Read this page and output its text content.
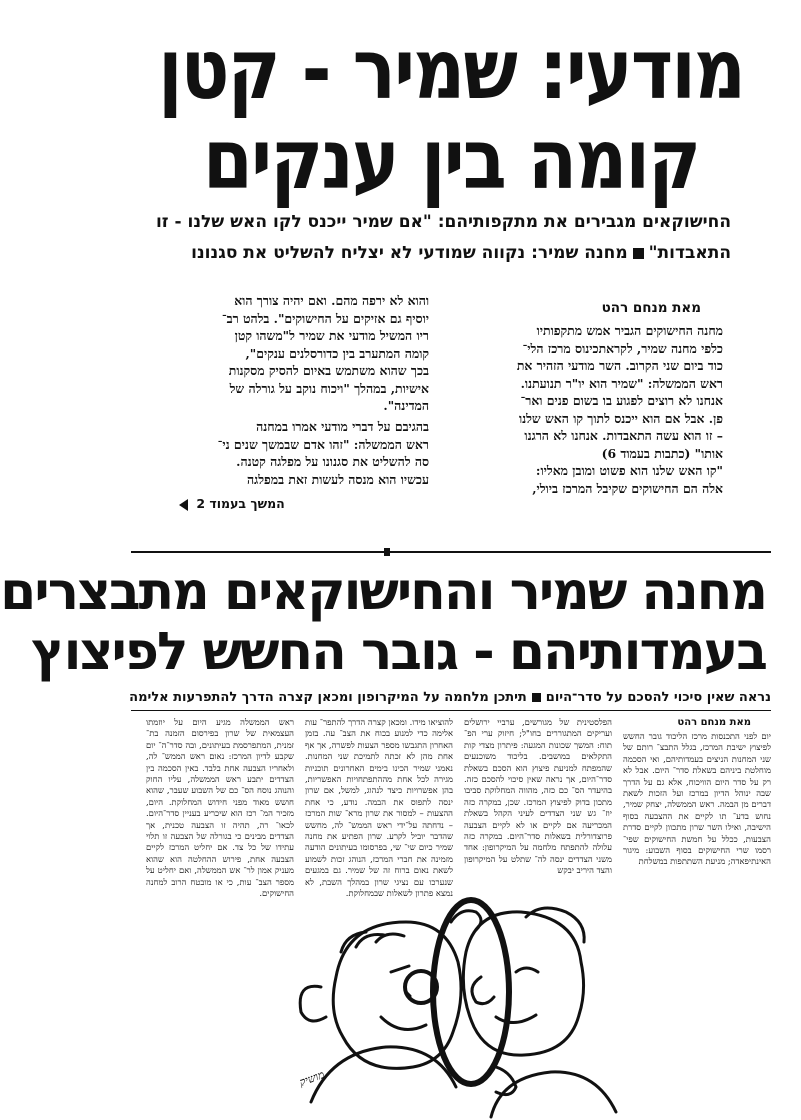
מודעי: שמיר - קטן
קומה בין ענקים
החישוקאים מגבירים את מתקפותיהם: "אם שמיר ייכנס לקו האש שלנו - זו
התאבדות"מחנה שמיר: נקווה שמודעי לא יצליח להשליט את סגנונו
מאת מנחם רהט
מחנה החישוקים הגביר אמש מתקפותיו
כלפי מחנה שמיר, לקראתכינוס מרכז הלי־
כוד ביום שני הקרוב. השר מודעי הזהיר את
ראש הממשלה: "שמיר הוא יו"ר תנועתנו.
אנחנו לא רוצים לפגוע בו בשום פנים ואר־
פן. אבל אם הוא ייכנס לתוך קו האש שלנו
– זו הוא עשה התאבדות. אנחנו לא הרגנו
אותו" (כתבות בעמוד 6)
"קו האש שלנו הוא פשוט ומובן מאליו:
אלה הם החישוקים שקיבל המרכז ביולי,
והוא לא ירפה מהם. ואם יהיה צורך הוא
יוסיף גם אזיקים על החישוקים". בלהט רב־
ריו המשיל מודעי את שמיר ל"משהו קטן
קומה המתערב בין כדורסלנים ענקים",
בכך שהוא משתמש באיום להסיק מסקנות
אישיות, במהלך "ויכוח נוקב על גורלה של
המדינה".
בהגיבם על דברי מודעי אמרו במחנה
ראש הממשלה: "זהו אדם שבמשך שנים ני־
סה להשליט את סגנונו על מפלגה קטנה.
עכשיו הוא מנסה לעשות זאת במפלגה
המשך בעמוד 2
מחנה שמיר והחישוקאים מתבצרים
בעמדותיהם - גובר החשש לפיצוץ
נראה שאין סיכוי להסכם על סדר־היוםתיתכן מלחמה על המיקרופון ומכאן קצרה הדרך להתפרעות אלימה
מאת מנחם רהט
יום לפני התכנסות מרכז הליכוד גובר החשש לפיצוץ ישיבת המרכז, בגלל התבצ־ רותם של שני המחנות הניצים בעמדותיהם, ואי הסכמה מוחלטת ביניהם בשאלת סדר־ היום. אבל לא רק על סדר היום הוויכוח, אלא גם על הדרך שבה ינוהל הדיון במרכז ועל הזכות לשאת דברים מן הבמה. ראש הממשלה, יצחק שמיר, נחוש בדע־ תו לקיים את ההצבעה בסוף הישיבה, ואילו השר שרון מתכוון לקיים סדרת הצבעות, ככלל על חמשת החישוקים שפי־ רסמו שרי החישוקים בסוף השבוע: מיגור האינתיפאדה; מניעת השתתפות במשלחת
הפלסטינית של מגורשים, ערביי ירושלים ועריקים המתגוררים בחו"ל; חיזוק ערי הפ־ תוח: המשך שכונות המגעה: פיתרון מצדי קות התקלאים במושבים. בליכוד משוכנעים שהמפתח למניעת פיצוץ הוא הסכם בשאלת סדר־היום, אך נראה שאין סיכוי להסכם כזה. בהיעדר הס־ כם כזה, מהווה המחלוקת סביבו מתכון בדוק לפיצוץ המרכז. שכן, במקרה כזה יוז־ גש שני הצדדים לעיני הקהל בשאלת המכריעה אם לקיים או לא לקיים הצבעה פרוצדורלית בשאלות סדר־היום. במקרה כזה עלולה להתפתח מלחמה על המיקרופון: אחד משני הצדדים ינסה לה־ שתלט על המיקרופון והצד היריב יבקש
להוציאו מידו. ומכאן קצרה הדרך להתפר־ עות אלימה כדי למנוע בכוח את הצב־ עה. בזמן האחרון התגבשו מספר הצעות לפשרה, אך אף אחת מהן לא זכתה לתמיכת שני המחנות. נאמני שמיר הכינו בימים האחרונים תוכניות מגירה לכל אחת מההתפתחויות האפשריות, בהן אפשרויות כיצד לנהוג, למשל, אם שרון ינסה לתפוס את הבמה. נודע, כי אחת ההצעות – למסור את שרון מרא־ שות המרכז – נדחתה על־ידי ראש הממש־ לה, מחשש שהדבר יוביל לקרע. שרון הפתיע את מחנה שמיר כיום שי־ שי, בפרסומו בעיתונים הודעה מזמינה את חברי המרכז, הנוהג זכות לשמוע לשאת נאום ברוח זה של שמיר. גם במגעים שנערכו עם נציגי שרון במהלך השבת, לא נמצא פתרון לשאלות שבמחלוקת.
ראש הממשלה מגיע היום על יוזמתו העצמאית של שרון בפירסום הזמנה בת־ זמנית, המתפרסמת בעיתונים, ובה סדר־ה־ יום שקבע לדיון המרכז: נאום ראש הממש־ לה, ולאחריו הצבעה אחת בלבד. באין הסכמה בין הצדדים יתבע ראש הממשלה, עליו החוק והנוהג נוסח הס־ כם של השבוע שעבר, שהוא חושש מאוד מפני חידוש המחלוקת. היום, מזכיר המ־ רכז הוא שיכריע בעניין סדר־היום. לכאו־ רה, תהיה זו הצבעה טכנית, אך הצדדים מבינים כי בגורלה של הצבעה זו תלוי עתידו של כל צד. אם יחליט המרכז לקיים הצבעה אחת, פירוש ההחלטה הוא שהוא מעניק אמון לר־ אש הממשלה, ואם יחליט על מספר הצב־ עות, כי או מובטח הרוב למחנה החישוקים.
מושיק
